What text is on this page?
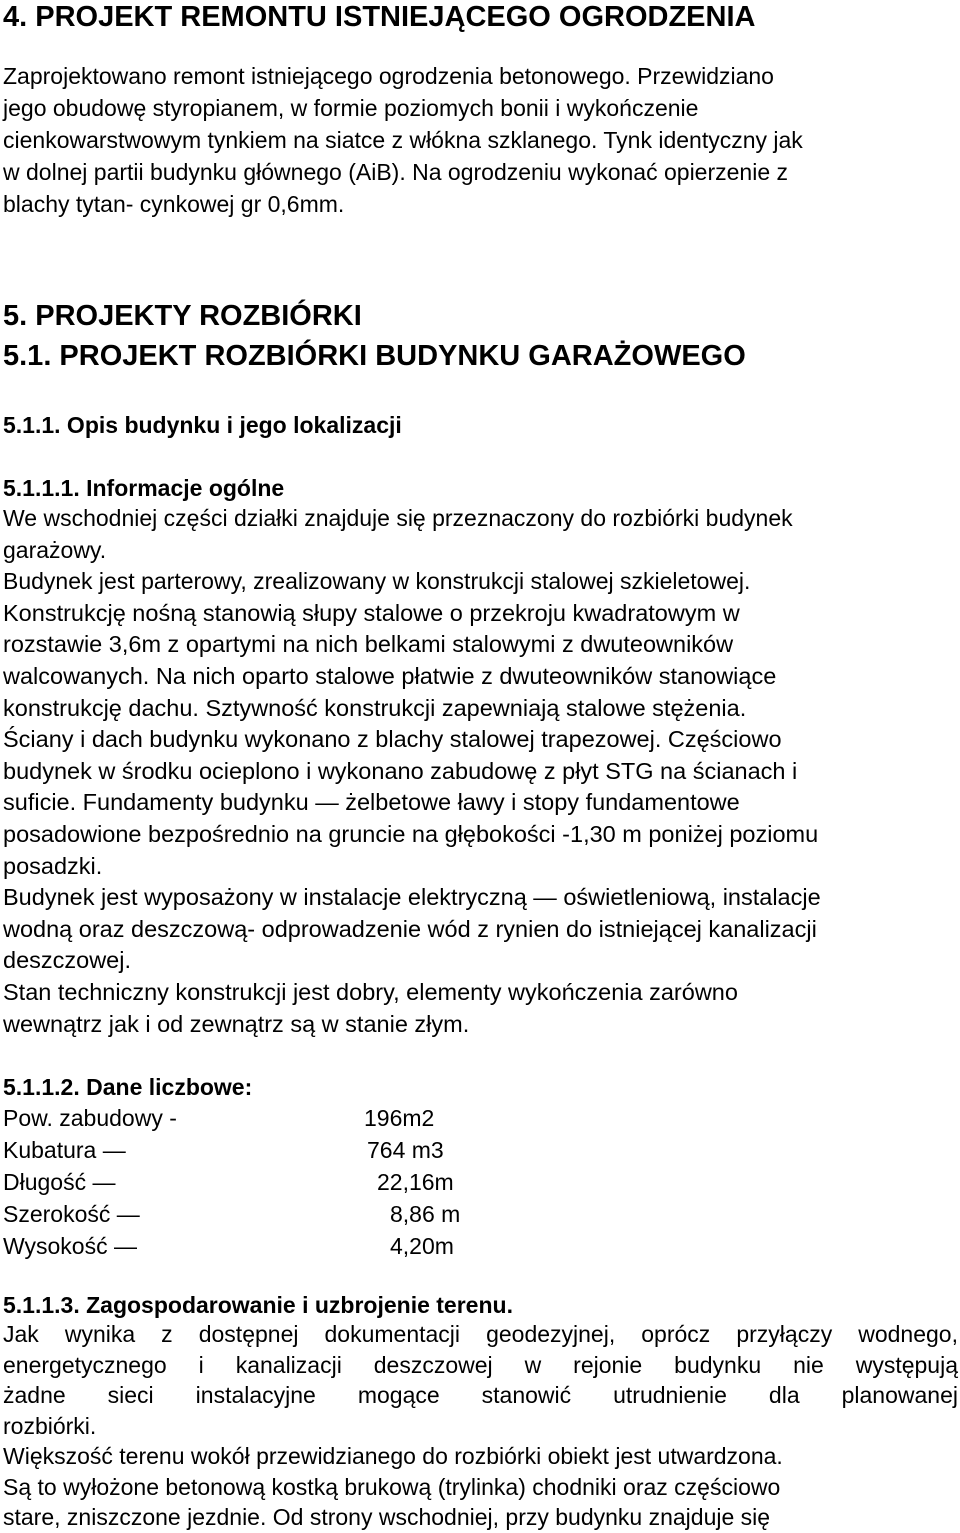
4. PROJEKT REMONTU ISTNIEJĄCEGO OGRODZENIA
Zaprojektowano remont istniejącego ogrodzenia betonowego. Przewidziano
jego obudowę styropianem, w formie poziomych bonii i wykończenie
cienkowarstwowym tynkiem na siatce z włókna szklanego. Tynk identyczny jak
w dolnej partii budynku głównego (AiB). Na ogrodzeniu wykonać opierzenie z
blachy tytan- cynkowej gr 0,6mm.
5. PROJEKTY ROZBIÓRKI
5.1. PROJEKT ROZBIÓRKI BUDYNKU GARAŻOWEGO
5.1.1. Opis budynku i jego lokalizacji
5.1.1.1. Informacje ogólne
We wschodniej części działki znajduje się przeznaczony do rozbiórki budynek
garażowy.
Budynek jest parterowy, zrealizowany w konstrukcji stalowej szkieletowej.
Konstrukcję nośną stanowią słupy stalowe o przekroju kwadratowym w
rozstawie 3,6m z opartymi na nich belkami stalowymi z dwuteowników
walcowanych. Na nich oparto stalowe płatwie z dwuteowników stanowiące
konstrukcję dachu. Sztywność konstrukcji zapewniają stalowe stężenia.
Ściany i dach budynku wykonano z blachy stalowej trapezowej. Częściowo
budynek w środku ocieplono i wykonano zabudowę z płyt STG na ścianach i
suficie. Fundamenty budynku — żelbetowe ławy i stopy fundamentowe
posadowione bezpośrednio na gruncie na głębokości -1,30 m poniżej poziomu
posadzki.
Budynek jest wyposażony w instalacje elektryczną — oświetleniową, instalacje
wodną oraz deszczową- odprowadzenie wód z rynien do istniejącej kanalizacji
deszczowej.
Stan techniczny konstrukcji jest dobry, elementy wykończenia zarówno
wewnątrz jak i od zewnątrz są w stanie złym.
5.1.1.2. Dane liczbowe:
Pow. zabudowy -	196m2
Kubatura —	764 m3
Długość —	22,16m
Szerokość —	8,86 m
Wysokość —	4,20m
5.1.1.3. Zagospodarowanie i uzbrojenie terenu.
Jak wynika z dostępnej dokumentacji geodezyjnej, oprócz przyłączy wodnego,
energetycznego i kanalizacji deszczowej w rejonie budynku nie występują
żadne sieci instalacyjne mogące stanowić utrudnienie dla planowanej
rozbiórki.
Większość terenu wokół przewidzianego do rozbiórki obiekt jest utwardzona.
Są to wyłożone betonową kostką brukową (trylinka) chodniki oraz częściowo
stare, zniszczone jezdnie. Od strony wschodniej, przy budynku znajduje się
